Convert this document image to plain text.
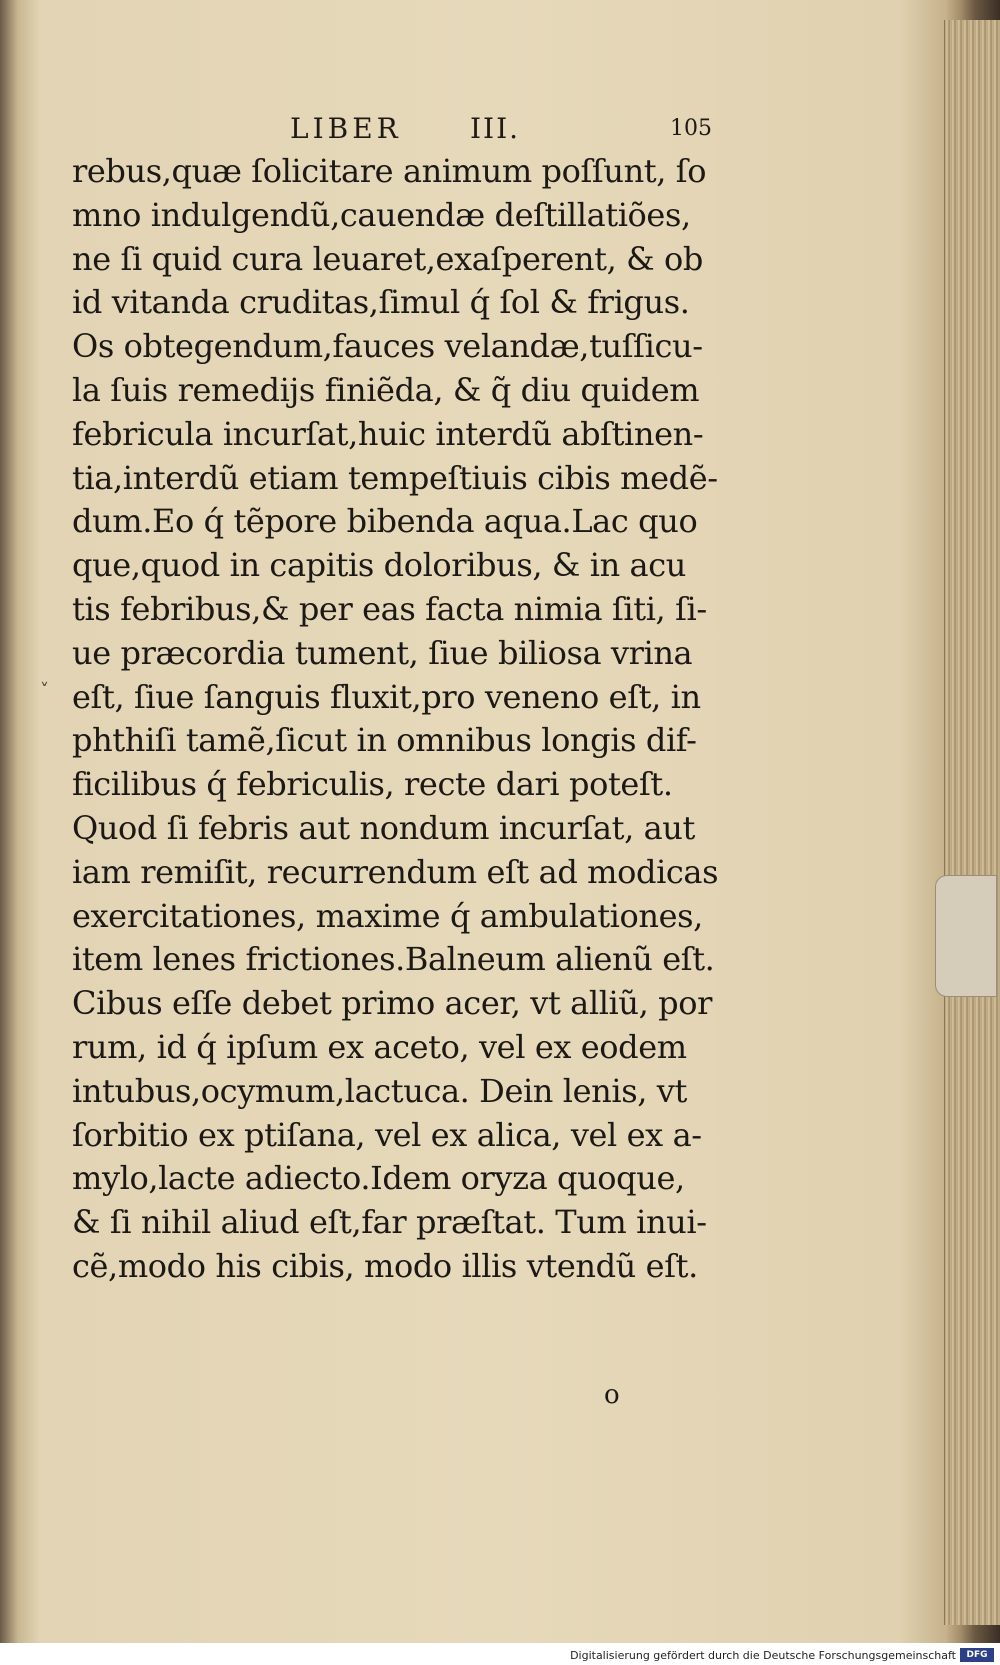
LIBER III.	105
˅
rebus,quæ ſolicitare animum poſſunt, ſo
mno indulgendũ,cauendæ deſtillatiões,
ne ſi quid cura leuaret,exaſperent, & ob
id vitanda cruditas,ſimul q́ ſol & frigus.
Os obtegendum,fauces velandæ,tuſſicu-
la ſuis remedijs finiẽda, & q̃ diu quidem
febricula incurſat,huic interdũ abſtinen-
tia,interdũ etiam tempeſtiuis cibis medẽ-
dum.Eo q́ tẽpore bibenda aqua.Lac quo
que,quod in capitis doloribus, & in acu
tis febribus,& per eas facta nimia ſiti, ſi-
ue præcordia tument, ſiue biliosa vrina
eſt, ſiue ſanguis fluxit,pro veneno eſt, in
phthiſi tamẽ,ſicut in omnibus longis dif-
ficilibus q́ febriculis, recte dari poteſt.
Quod ſi febris aut nondum incurſat, aut
iam remiſit, recurrendum eſt ad modicas
exercitationes, maxime q́ ambulationes,
item lenes frictiones.Balneum alienũ eſt.
Cibus eſſe debet primo acer, vt alliũ, por
rum, id q́ ipſum ex aceto, vel ex eodem
intubus,ocymum,lactuca. Dein lenis, vt
ſorbitio ex ptiſana, vel ex alica, vel ex a-
mylo,lacte adiecto.Idem oryza quoque,
& ſi nihil aliud eſt,far præſtat. Tum inui-
cẽ,modo his cibis, modo illis vtendũ eſt.
o
Digitalisierung gefördert durch die Deutsche Forschungsgemeinschaft	DFG
